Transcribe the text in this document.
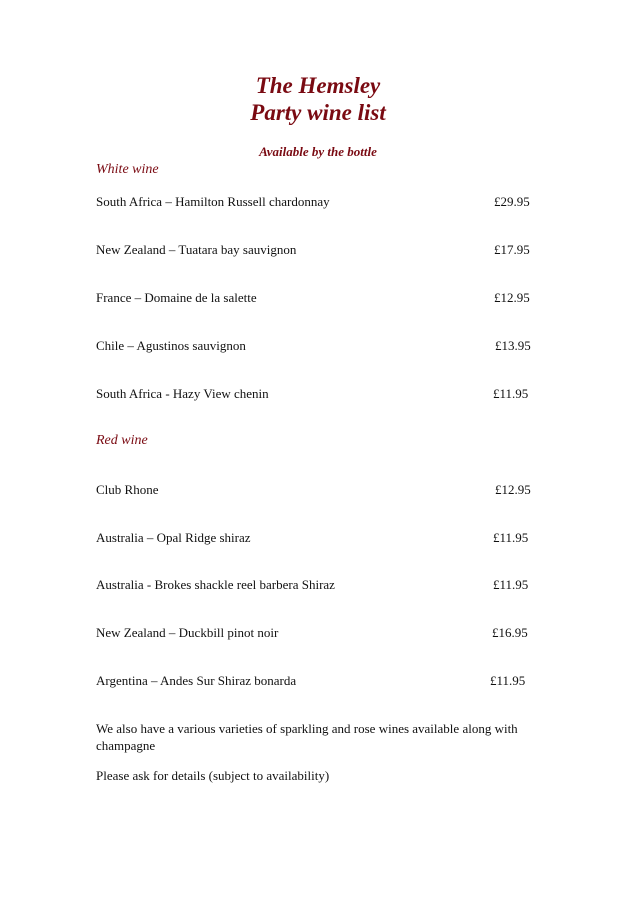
The Hemsley
Party wine list
Available by the bottle
White wine
South Africa – Hamilton Russell chardonnay	£29.95
New Zealand – Tuatara bay sauvignon	£17.95
France – Domaine de la salette	£12.95
Chile – Agustinos sauvignon	£13.95
South Africa - Hazy View chenin	£11.95
Red wine
Club Rhone	£12.95
Australia – Opal Ridge shiraz	£11.95
Australia - Brokes shackle reel barbera Shiraz	£11.95
New Zealand – Duckbill pinot noir	£16.95
Argentina – Andes Sur Shiraz bonarda	£11.95
We also have a various varieties of sparkling and rose wines available along with champagne
Please ask for details (subject to availability)
